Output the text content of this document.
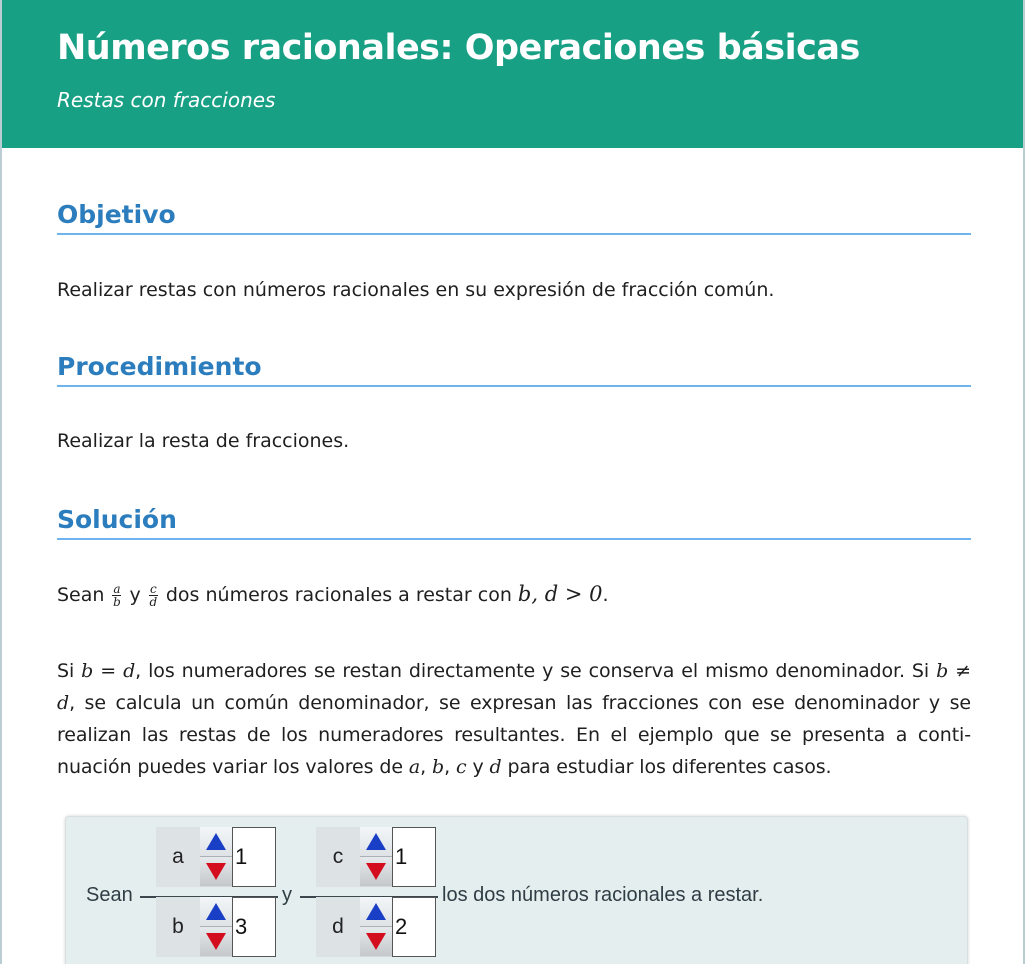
Números racionales: Operaciones básicas
Restas con fracciones
Objetivo
Realizar restas con números racionales en su expresión de fracción común.
Procedimiento
Realizar la resta de fracciones.
Solución
Sean $\frac{a}{b}$ y $\frac{c}{d}$ dos números racionales a restar con b, d > 0.
Si b = d, los numeradores se restan directamente y se conserva el mismo denominador. Si b ≠ d, se calcula un común denominador, se expresan las fracciones con ese denominador y se realizan las restas de los numeradores resultantes. En el ejemplo que se presenta a conti-nuación puedes variar los valores de a, b, c y d para estudiar los diferentes casos.
Sean	y	los dos números racionales a restar.
a	1
b	3
c	1
d	2
